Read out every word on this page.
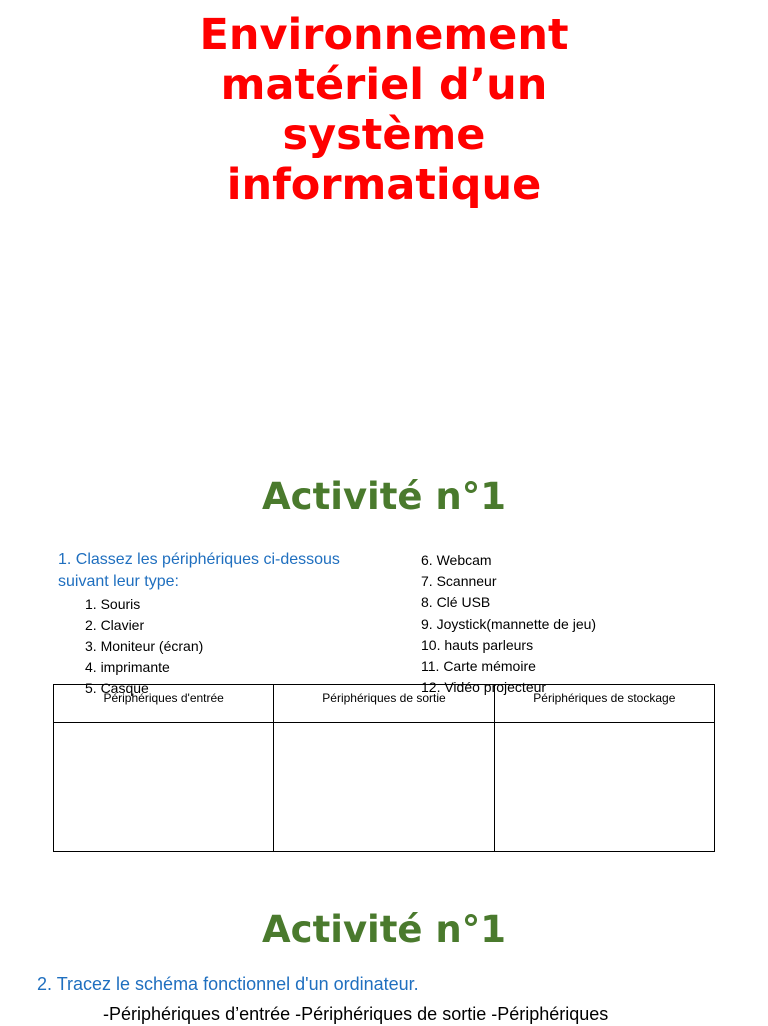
Environnement
matériel d’un
système
informatique
Activité n°1
1. Classez les périphériques ci-dessous suivant leur type:
1. Souris
2. Clavier
3. Moniteur (écran)
4. imprimante
5. Casque
6. Webcam
7. Scanneur
8. Clé USB
9. Joystick(mannette de jeu)
10. hauts parleurs
11. Carte mémoire
12. Vidéo projecteur
Périphériques d'entrée	Périphériques de sortie	Périphériques de stockage

Activité n°1
2. Tracez le schéma fonctionnel d'un ordinateur.
-Périphériques d’entrée -Périphériques de sortie -Périphériques
